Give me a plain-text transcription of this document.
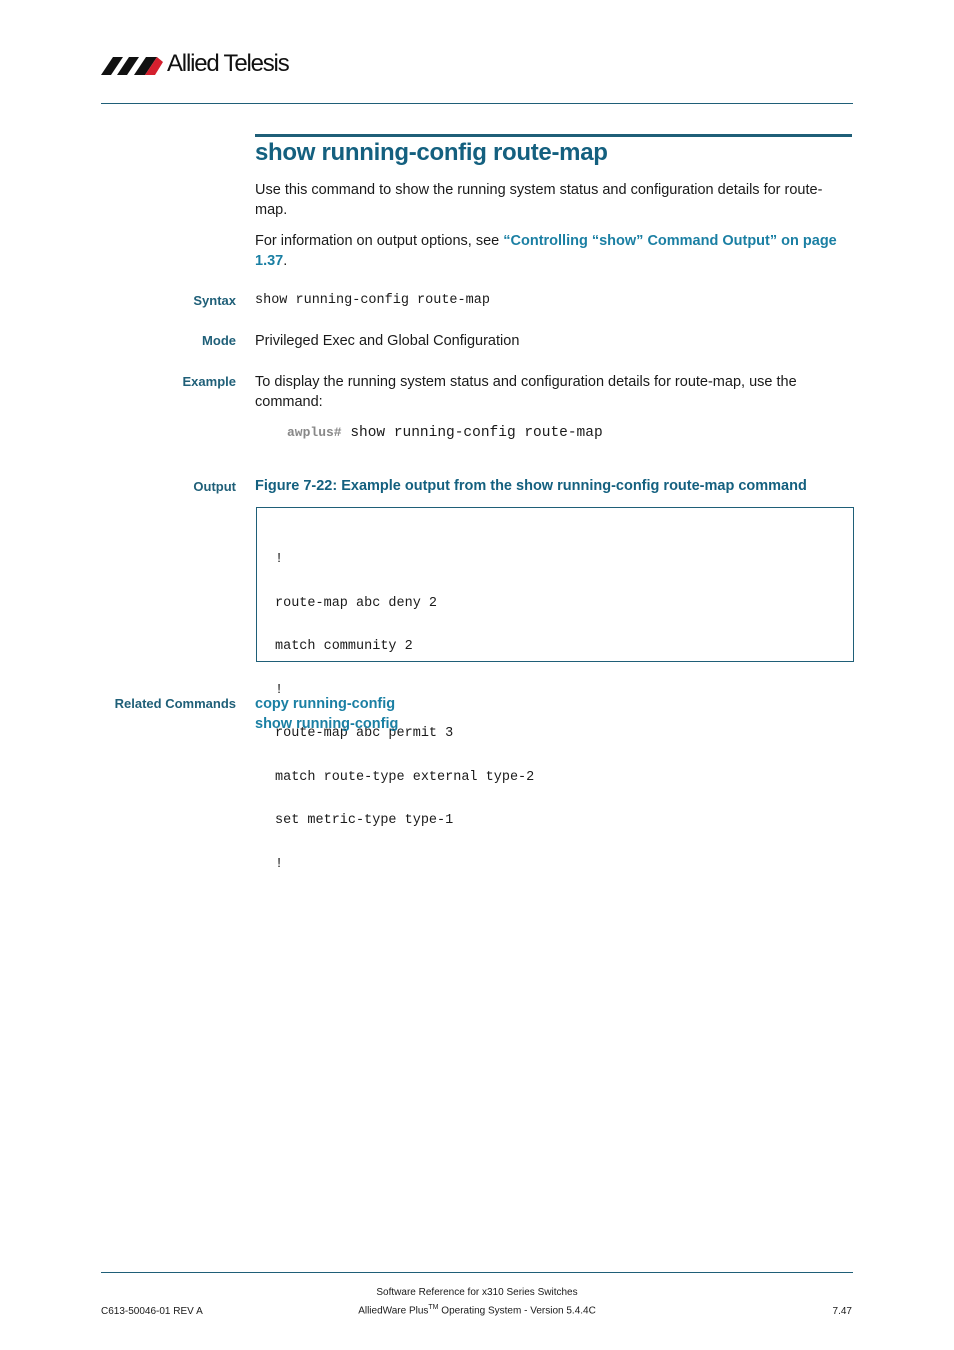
Allied Telesis
show running-config route-map
Use this command to show the running system status and configuration details for route-map.
For information on output options, see “Controlling “show” Command Output” on page 1.37.
Syntax show running-config route-map
Mode Privileged Exec and Global Configuration
Example To display the running system status and configuration details for route-map, use the command:
awplus# show running-config route-map
Output Figure 7-22: Example output from the show running-config route-map command

!

route-map abc deny 2

match community 2

!

route-map abc permit 3

match route-type external type-2

set metric-type type-1

!

Related Commands copy running-config
show running-config
Software Reference for x310 Series Switches
C613-50046-01 REV A	AlliedWare Plus™ Operating System - Version 5.4.4C	7.47
